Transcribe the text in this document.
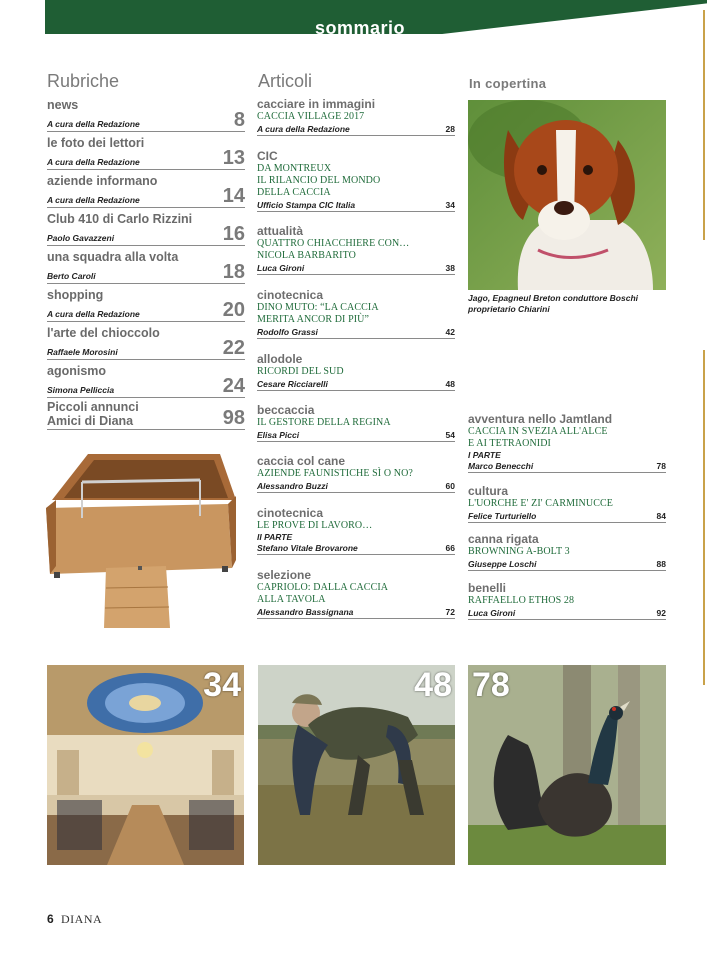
sommario
Rubriche	Articoli	In copertina
news
A cura della Redazione	8
le foto dei lettori
A cura della Redazione	13
aziende informano
A cura della Redazione	14
Club 410 di Carlo Rizzini
Paolo Gavazzeni	16
una squadra alla volta
Berto Caroli	18
shopping
A cura della Redazione	20
l'arte del chioccolo
Raffaele Morosini	22
agonismo
Simona Pelliccia	24
Piccoli annunci
Amici di Diana	98
cacciare in immagini
CACCIA VILLAGE 2017
A cura della Redazione	28
CIC
DA MONTREUX
IL RILANCIO DEL MONDO
DELLA CACCIA
Ufficio Stampa CIC Italia	34
attualità
QUATTRO CHIACCHIERE CON…
NICOLA BARBARITO
Luca Gironi	38
cinotecnica
DINO MUTO: “LA CACCIA
MERITA ANCOR DI PIÙ”
Rodolfo Grassi	42
allodole
RICORDI DEL SUD
Cesare Ricciarelli	48
beccaccia
IL GESTORE DELLA REGINA
Elisa Picci	54
caccia col cane
AZIENDE FAUNISTICHE SÌ O NO?
Alessandro Buzzi	60
cinotecnica
LE PROVE DI LAVORO…
II PARTE
Stefano Vitale Brovarone	66
selezione
CAPRIOLO: DALLA CACCIA
ALLA TAVOLA
Alessandro Bassignana	72
Jago, Epagneul Breton conduttore Boschi
proprietario Chiarini
avventura nello Jamtland
CACCIA IN SVEZIA ALL'ALCE
E AI TETRAONIDI
I PARTE
Marco Benecchi	78
cultura
L'UORCHE E' ZI' CARMINUCCE
Felice Turturiello	84
canna rigata
BROWNING A-BOLT 3
Giuseppe Loschi	88
benelli
RAFFAELLO ETHOS 28
Luca Gironi	92
34	48 78
6 DIANA
